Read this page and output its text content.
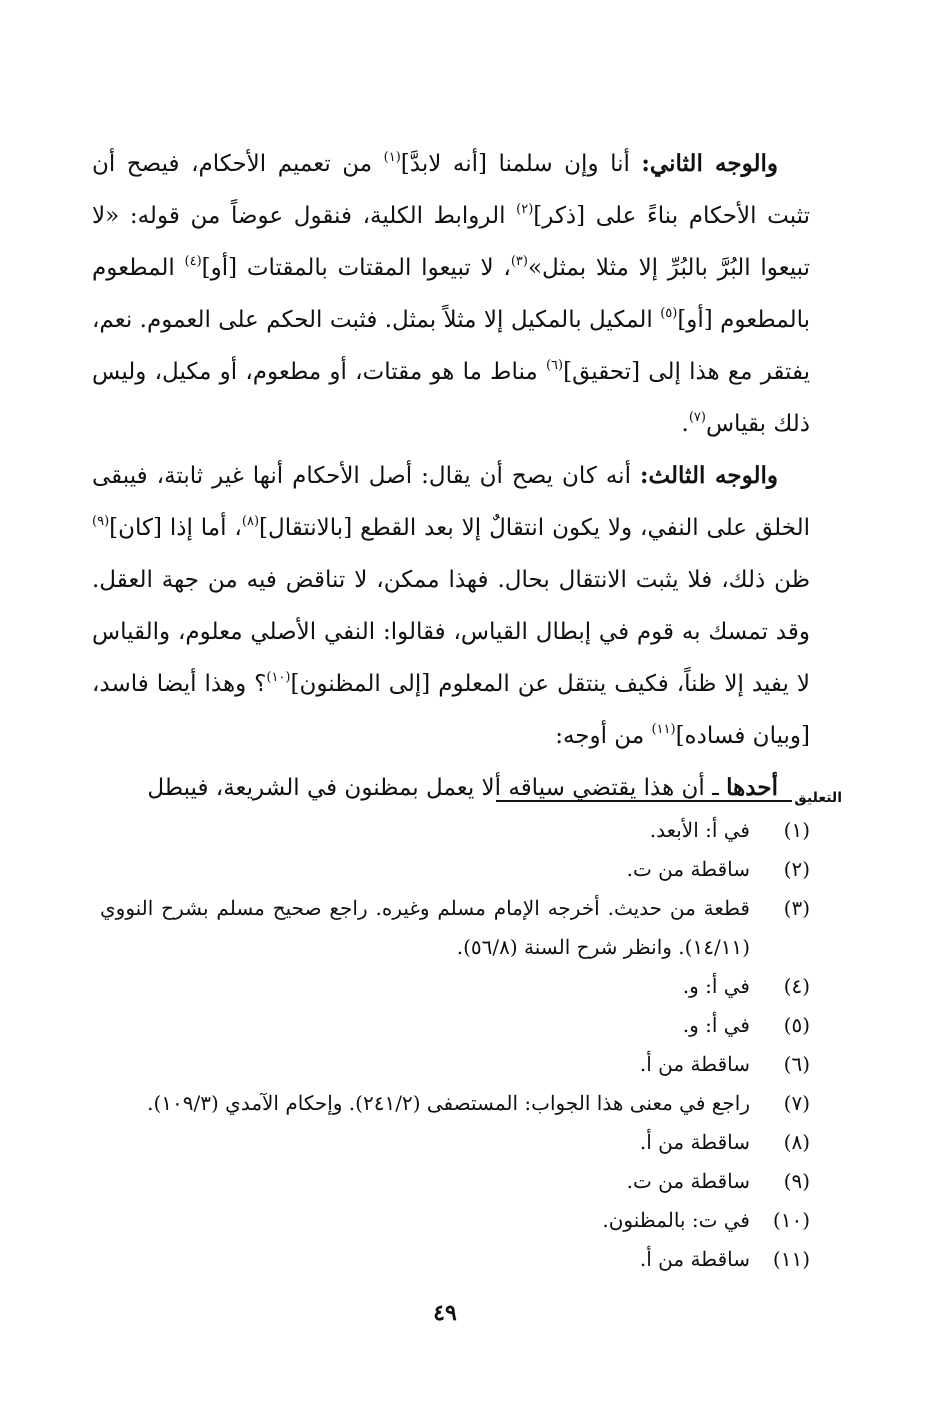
والوجه الثاني: أنا وإن سلمنا [أنه لابدَّ]$^{(١)}$ من تعميم الأحكام، فيصح أن تثبت الأحكام بناءً على [ذكر]$^{(٢)}$ الروابط الكلية، فنقول عوضاً من قوله: «لا تبيعوا البُرَّ بالبُرِّ إلا مثلا بمثل»$^{(٣)}$، لا تبيعوا المقتات بالمقتات [أو]$^{(٤)}$ المطعوم بالمطعوم [أو]$^{(٥)}$ المكيل بالمكيل إلا مثلاً بمثل. فثبت الحكم على العموم. نعم، يفتقر مع هذا إلى [تحقيق]$^{(٦)}$ مناط ما هو مقتات، أو مطعوم، أو مكيل، وليس ذلك بقياس$^{(٧)}$.

والوجه الثالث: أنه كان يصح أن يقال: أصل الأحكام أنها غير ثابتة، فيبقى الخلق على النفي، ولا يكون انتقالٌ إلا بعد القطع [بالانتقال]$^{(٨)}$، أما إذا [كان]$^{(٩)}$ ظن ذلك، فلا يثبت الانتقال بحال. فهذا ممكن، لا تناقض فيه من جهة العقل. وقد تمسك به قوم في إبطال القياس، فقالوا: النفي الأصلي معلوم، والقياس لا يفيد إلا ظناً، فكيف ينتقل عن المعلوم [إلى المظنون]$^{(١٠)}$؟ وهذا أيضا فاسد، [وبيان فساده]$^{(١١)}$ من أوجه:

أحدها ـ أن هذا يقتضي سياقه ألا يعمل بمظنون في الشريعة، فيبطل	التعليق
(١)
في أ: الأبعد.
(٢)
ساقطة من ت.
(٣)
قطعة من حديث. أخرجه الإمام مسلم وغيره. راجع صحيح مسلم بشرح النووي (١٤/١١). وانظر شرح السنة (٥٦/٨).
(٤)
في أ: و.
(٥)
في أ: و.
(٦)
ساقطة من أ.
(٧)
راجع في معنى هذا الجواب: المستصفى (٢٤١/٢). وإحكام الآمدي (١٠٩/٣).
(٨)
ساقطة من أ.
(٩)
ساقطة من ت.
(١٠)
في ت: بالمظنون.
(١١)
ساقطة من أ.
٤٩
